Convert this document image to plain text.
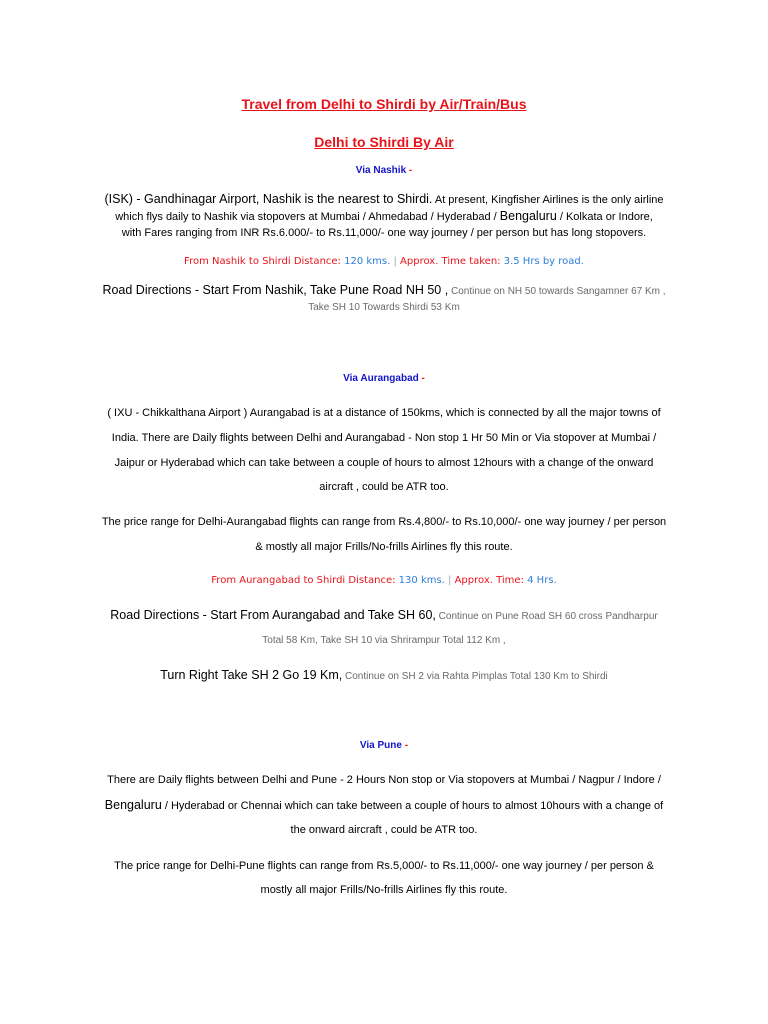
Travel from Delhi to Shirdi by Air/Train/Bus
Delhi to Shirdi By Air
Via Nashik -
(ISK) - Gandhinagar Airport, Nashik is the nearest to Shirdi. At present, Kingfisher Airlines is the only airline
which flys daily to Nashik via stopovers at Mumbai / Ahmedabad / Hyderabad / Bengaluru / Kolkata or Indore,
with Fares ranging from INR Rs.6.000/- to Rs.11,000/- one way journey / per person but has long stopovers.
From Nashik to Shirdi Distance: 120 kms. | Approx. Time taken: 3.5 Hrs by road.
Road Directions - Start From Nashik, Take Pune Road NH 50 , Continue on NH 50 towards Sangamner 67 Km ,
Take SH 10 Towards Shirdi 53 Km
Via Aurangabad -
( IXU - Chikkalthana Airport ) Aurangabad is at a distance of 150kms, which is connected by all the major towns of
India. There are Daily flights between Delhi and Aurangabad - Non stop 1 Hr 50 Min or Via stopover at Mumbai /
Jaipur or Hyderabad which can take between a couple of hours to almost 12hours with a change of the onward
aircraft , could be ATR too.
The price range for Delhi-Aurangabad flights can range from Rs.4,800/- to Rs.10,000/- one way journey / per person
& mostly all major Frills/No-frills Airlines fly this route.
From Aurangabad to Shirdi Distance: 130 kms. | Approx. Time: 4 Hrs.
Road Directions - Start From Aurangabad and Take SH 60, Continue on Pune Road SH 60 cross Pandharpur
Total 58 Km, Take SH 10 via Shrirampur Total 112 Km ,
Turn Right Take SH 2 Go 19 Km, Continue on SH 2 via Rahta Pimplas Total 130 Km to Shirdi
Via Pune -
There are Daily flights between Delhi and Pune - 2 Hours Non stop or Via stopovers at Mumbai / Nagpur / Indore /
Bengaluru / Hyderabad or Chennai which can take between a couple of hours to almost 10hours with a change of
the onward aircraft , could be ATR too.
The price range for Delhi-Pune flights can range from Rs.5,000/- to Rs.11,000/- one way journey / per person &
mostly all major Frills/No-frills Airlines fly this route.
